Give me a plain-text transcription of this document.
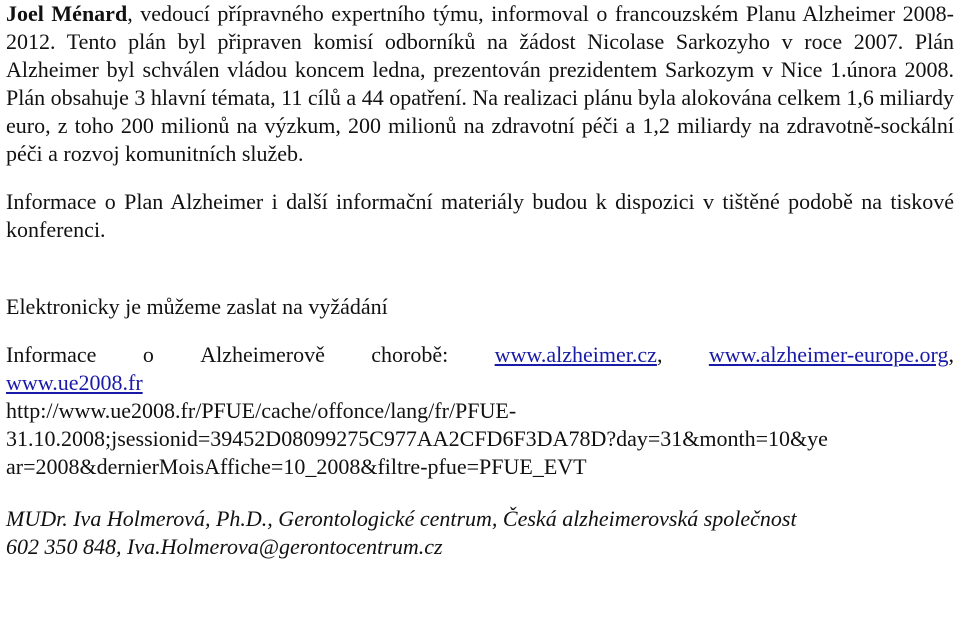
Joel Ménard, vedoucí přípravného expertního týmu, informoval o francouzském Planu Alzheimer 2008-2012. Tento plán byl připraven komisí odborníků na žádost Nicolase Sarkozyho v roce 2007. Plán Alzheimer byl schválen vládou koncem ledna, prezentován prezidentem Sarkozym v Nice 1.února 2008. Plán obsahuje 3 hlavní témata, 11 cílů a 44 opatření. Na realizaci plánu byla alokována celkem 1,6 miliardy euro, z toho 200 milionů na výzkum, 200 milionů na zdravotní péči a 1,2 miliardy na zdravotně-sockální péči a rozvoj komunitních služeb.

Informace o Plan Alzheimer i další informační materiály budou k dispozici v tištěné podobě na tiskové konferenci.

Elektronicky je můžeme zaslat na vyžádání

Informace o Alzheimerově chorobě: www.alzheimer.cz, www.alzheimer-europe.org,
www.ue2008.fr
http://www.ue2008.fr/PFUE/cache/offonce/lang/fr/PFUE-
31.10.2008;jsessionid=39452D08099275C977AA2CFD6F3DA78D?day=31&month=10&ye
ar=2008&dernierMoisAffiche=10_2008&filtre-pfue=PFUE_EVT
MUDr. Iva Holmerová, Ph.D., Gerontologické centrum, Česká alzheimerovská společnost
602 350 848, Iva.Holmerova@gerontocentrum.cz
